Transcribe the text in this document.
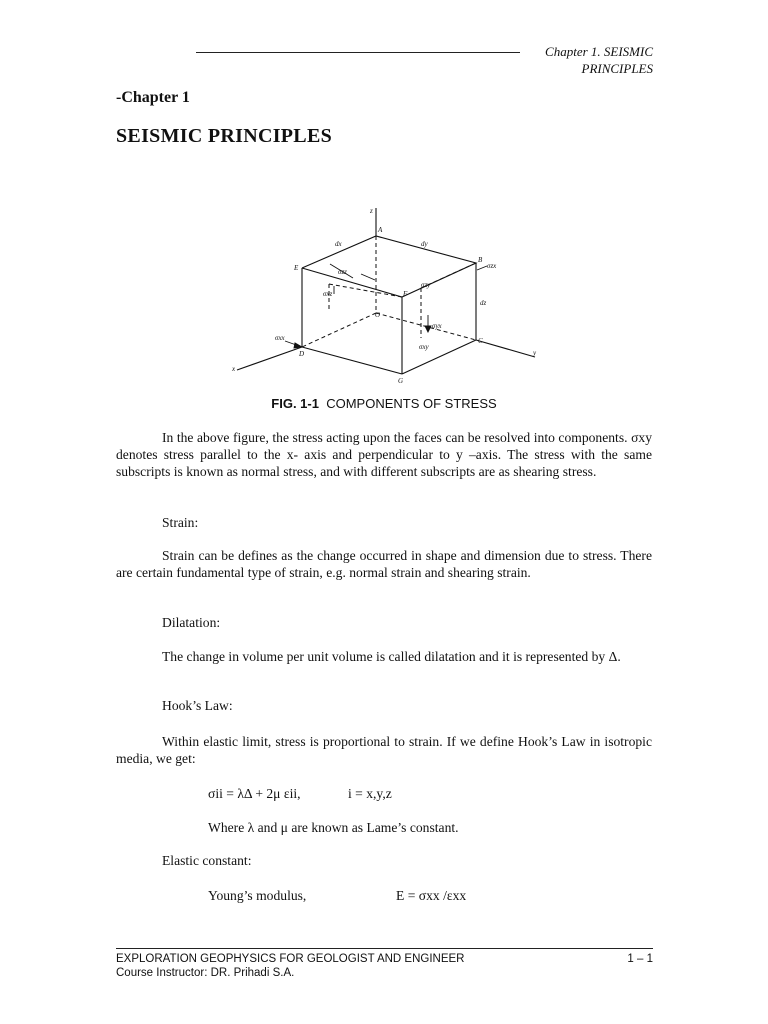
Chapter 1. SEISMIC
PRINCIPLES
-Chapter 1
SEISMIC PRINCIPLES
z
A
B
C
D
E
F
G
O
x
y
dx	dy
dz
σzz
σxz
σzx
σxx
σyx
σxy
σzy
FIG. 1-1 COMPONENTS OF STRESS
In the above figure, the stress acting upon the faces can be resolved into components. σxy denotes stress parallel to the x- axis and perpendicular to y –axis. The stress with the same subscripts is known as normal stress, and with different subscripts are as shearing stress.
Strain:
Strain can be defines as the change occurred in shape and dimension due to stress. There are certain fundamental type of strain, e.g. normal strain and shearing strain.
Dilatation:
The change in volume per unit volume is called dilatation and it is represented by Δ.
Hook’s Law:
Within elastic limit, stress is proportional to strain. If we define Hook’s Law in isotropic media, we get:
σii = λΔ + 2μ εii,	i = x,y,z
Where λ and μ are known as Lame’s constant.
Elastic constant:
Young’s modulus,	E = σxx /εxx
EXPLORATION GEOPHYSICS FOR GEOLOGIST AND ENGINEER	1 – 1
Course Instructor: DR. Prihadi S.A.
